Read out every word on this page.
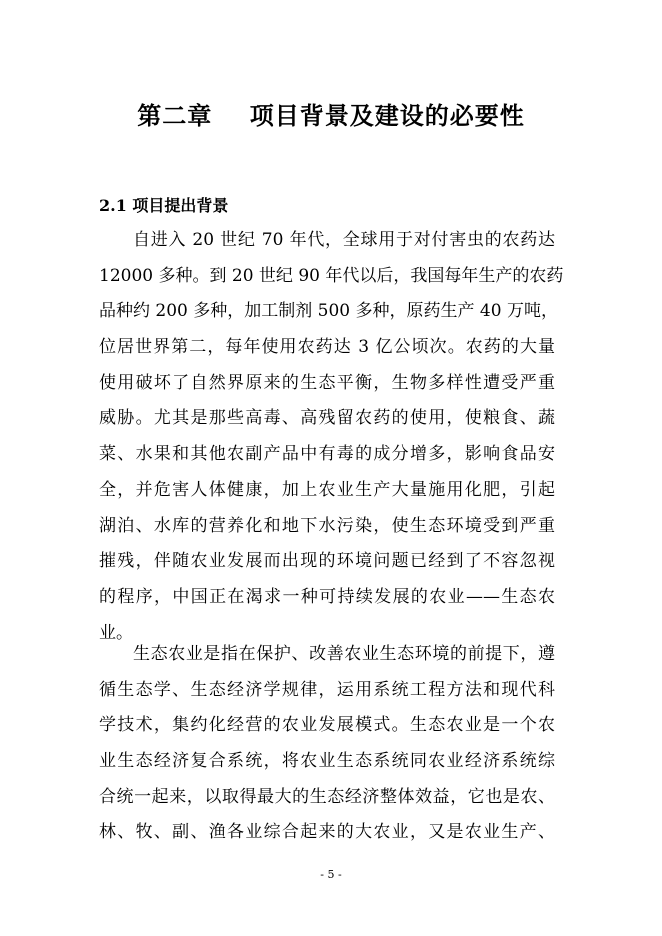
第二章    项目背景及建设的必要性
2.1 项目提出背景
自进入 20 世纪 70 年代，全球用于对付害虫的农药达
12000 多种。到 20 世纪 90 年代以后，我国每年生产的农药
品种约 200 多种，加工制剂 500 多种，原药生产 40 万吨，
位居世界第二，每年使用农药达 3 亿公顷次。农药的大量
使用破坏了自然界原来的生态平衡，生物多样性遭受严重
威胁。尤其是那些高毒、高残留农药的使用，使粮食、蔬
菜、水果和其他农副产品中有毒的成分增多，影响食品安
全，并危害人体健康，加上农业生产大量施用化肥，引起
湖泊、水库的营养化和地下水污染，使生态环境受到严重
摧残，伴随农业发展而出现的环境问题已经到了不容忽视
的程序，中国正在渴求一种可持续发展的农业——生态农
业。
生态农业是指在保护、改善农业生态环境的前提下，遵
循生态学、生态经济学规律，运用系统工程方法和现代科
学技术，集约化经营的农业发展模式。生态农业是一个农
业生态经济复合系统，将农业生态系统同农业经济系统综
合统一起来，以取得最大的生态经济整体效益，它也是农、
林、牧、副、渔各业综合起来的大农业，又是农业生产、
- 5 -
